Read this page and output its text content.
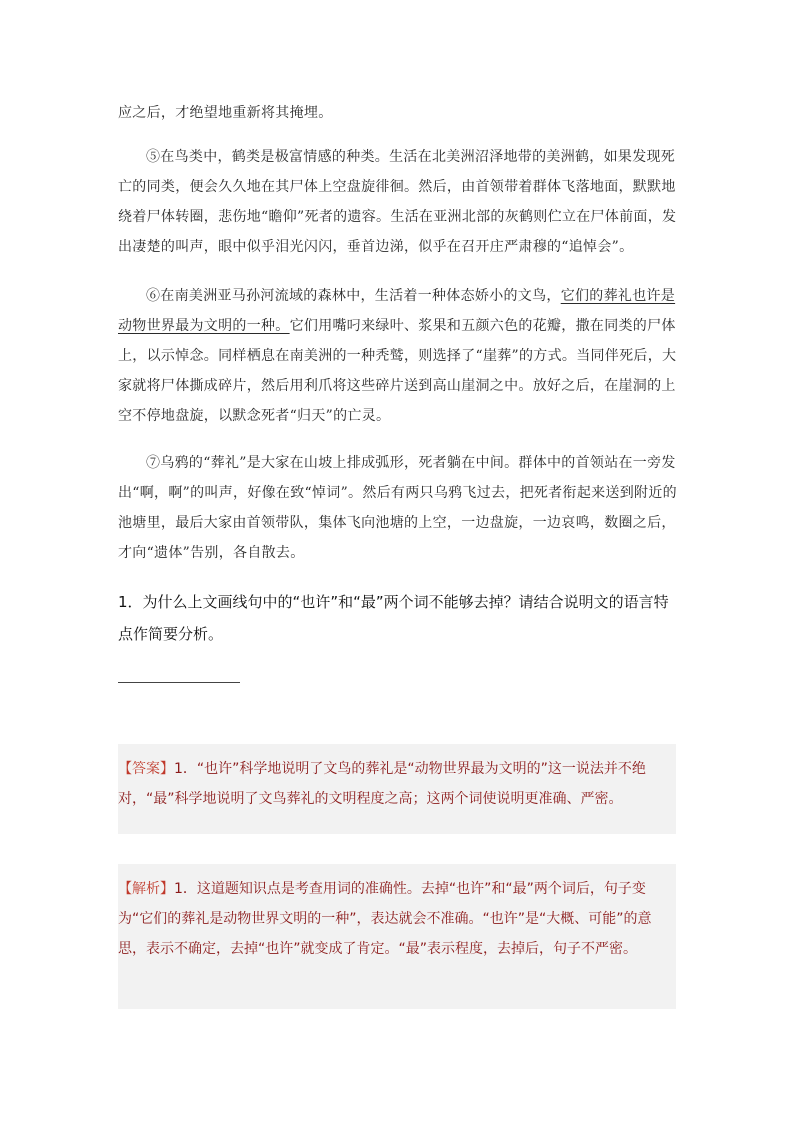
应之后，才绝望地重新将其掩埋。
⑤在鸟类中，鹤类是极富情感的种类。生活在北美洲沼泽地带的美洲鹤，如果发现死亡的同类，便会久久地在其尸体上空盘旋徘徊。然后，由首领带着群体飞落地面，默默地绕着尸体转圈，悲伤地“瞻仰”死者的遗容。生活在亚洲北部的灰鹤则伫立在尸体前面，发出凄楚的叫声，眼中似乎泪光闪闪，垂首边涕，似乎在召开庄严肃穆的“追悼会”。
⑥在南美洲亚马孙河流域的森林中，生活着一种体态娇小的文鸟，它们的葬礼也许是动物世界最为文明的一种。它们用嘴叼来绿叶、浆果和五颜六色的花瓣，撒在同类的尸体上，以示悼念。同样栖息在南美洲的一种秃鹫，则选择了“崖葬”的方式。当同伴死后，大家就将尸体撕成碎片，然后用利爪将这些碎片送到高山崖洞之中。放好之后，在崖洞的上空不停地盘旋，以默念死者“归天”的亡灵。
⑦乌鸦的“葬礼”是大家在山坡上排成弧形，死者躺在中间。群体中的首领站在一旁发出“啊，啊”的叫声，好像在致“悼词”。然后有两只乌鸦飞过去，把死者衔起来送到附近的池塘里，最后大家由首领带队，集体飞向池塘的上空，一边盘旋，一边哀鸣，数圈之后，才向“遗体”告别，各自散去。
1．为什么上文画线句中的“也许”和“最”两个词不能够去掉？请结合说明文的语言特点作简要分析。
【答案】1．“也许”科学地说明了文鸟的葬礼是“动物世界最为文明的”这一说法并不绝对，“最”科学地说明了文鸟葬礼的文明程度之高；这两个词使说明更准确、严密。
【解析】1．这道题知识点是考查用词的准确性。去掉“也许”和“最”两个词后，句子变为“它们的葬礼是动物世界文明的一种”，表达就会不准确。“也许”是“大概、可能”的意思，表示不确定，去掉“也许”就变成了肯定。“最”表示程度，去掉后，句子不严密。
